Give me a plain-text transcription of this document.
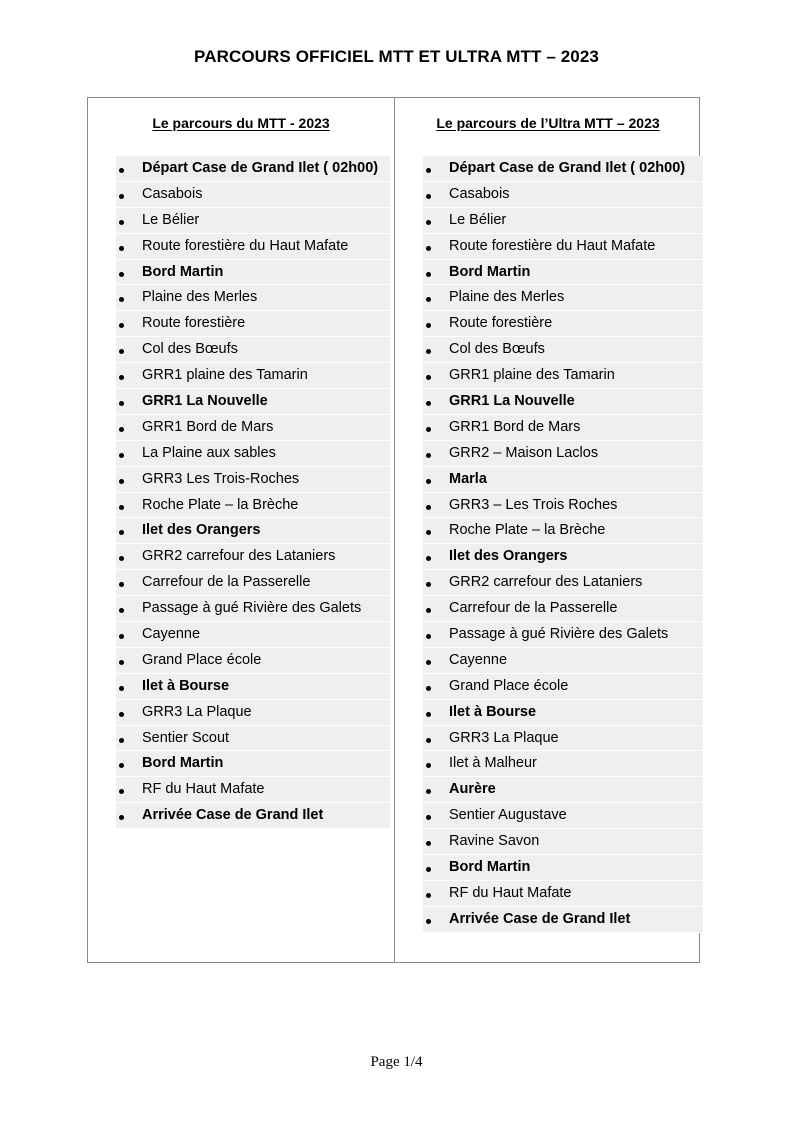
PARCOURS OFFICIEL MTT ET ULTRA MTT – 2023
Le parcours du MTT - 2023
Départ Case de Grand Ilet ( 02h00)
Casabois
Le Bélier
Route forestière du Haut Mafate
Bord Martin
Plaine des Merles
Route forestière
Col des Bœufs
GRR1 plaine des Tamarin
GRR1 La Nouvelle
GRR1 Bord de Mars
La Plaine aux sables
GRR3 Les Trois-Roches
Roche Plate – la Brèche
Ilet des Orangers
GRR2 carrefour des Lataniers
Carrefour de la Passerelle
Passage à gué Rivière des Galets
Cayenne
Grand Place école
Ilet à Bourse
GRR3 La Plaque
Sentier Scout
Bord Martin
RF du Haut Mafate
Arrivée Case de Grand Ilet
Le parcours de l’Ultra MTT – 2023
Départ Case de Grand Ilet ( 02h00)
Casabois
Le Bélier
Route forestière du Haut Mafate
Bord Martin
Plaine des Merles
Route forestière
Col des Bœufs
GRR1 plaine des Tamarin
GRR1 La Nouvelle
GRR1 Bord de Mars
GRR2 – Maison Laclos
Marla
GRR3 – Les Trois Roches
Roche Plate – la Brèche
Ilet des Orangers
GRR2 carrefour des Lataniers
Carrefour de la Passerelle
Passage à gué Rivière des Galets
Cayenne
Grand Place école
Ilet à Bourse
GRR3 La Plaque
Ilet à Malheur
Aurère
Sentier Augustave
Ravine Savon
Bord Martin
RF du Haut Mafate
Arrivée Case de Grand Ilet
Page 1/4
